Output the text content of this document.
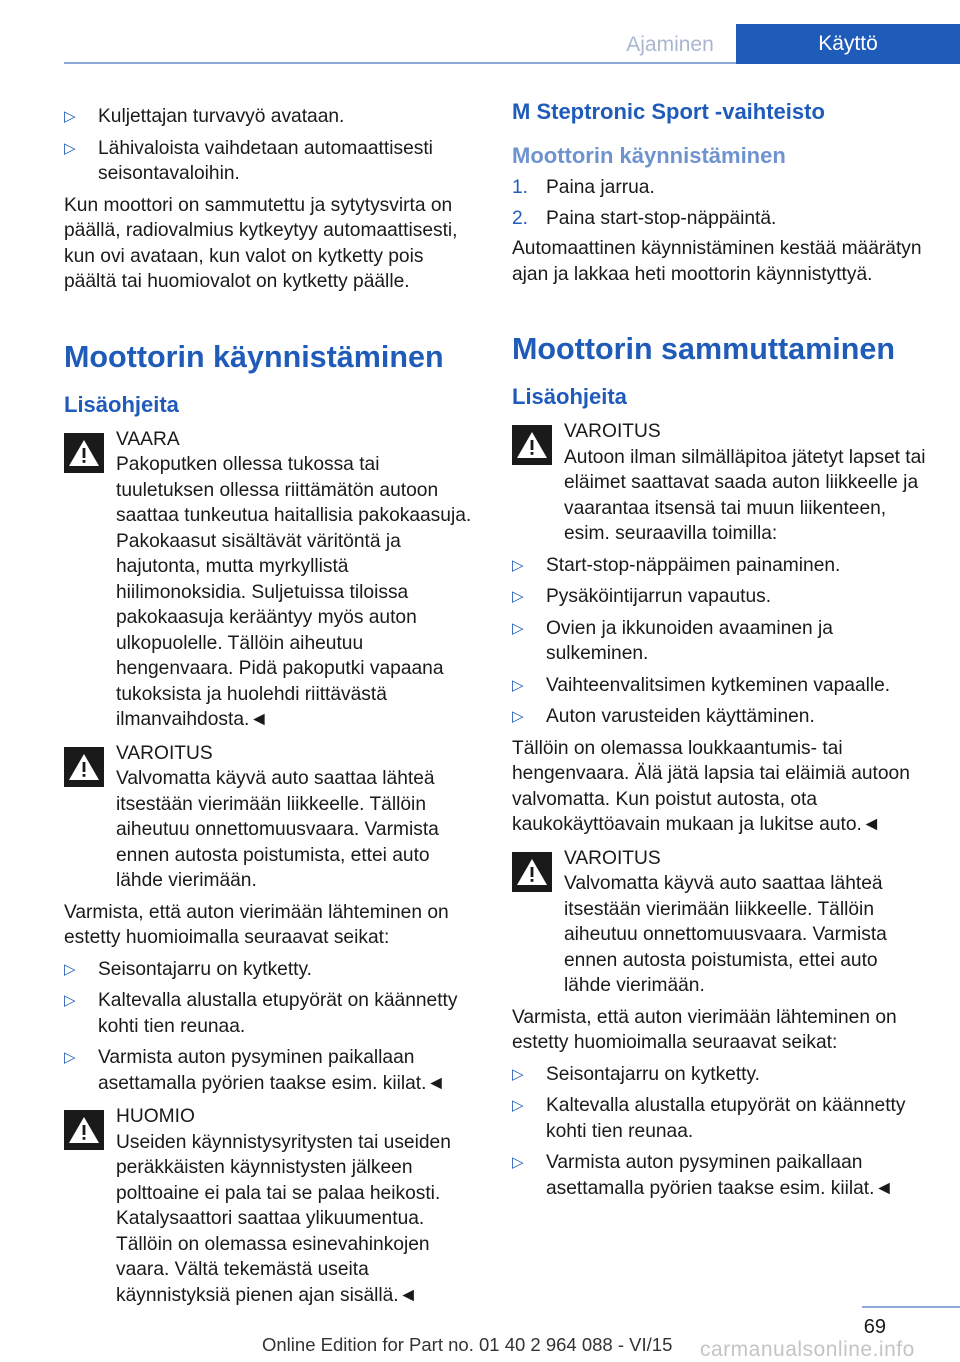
Ajaminen	Käyttö
▷ Kuljettajan turvavyö avataan.
▷ Lähivaloista vaihdetaan automaattisesti seisontavaloihin.

Kun moottori on sammutettu ja sytytysvirta on päällä, radiovalmius kytkeytyy automaattisesti, kun ovi avataan, kun valot on kytketty pois päältä tai huomiovalot on kytketty päälle.

Moottorin käynnistäminen
Lisäohjeita

VAARA

Pakoputken ollessa tukossa tai tuuletuksen ollessa riittämätön autoon saattaa tunkeutua haitallisia pakokaasuja. Pakokaasut sisältävät väritöntä ja hajutonta, mutta myrkyllistä hiilimonoksidia. Suljetuissa tiloissa pakokaasuja kerääntyy myös auton ulkopuolelle. Tällöin aiheutuu hengenvaara. Pidä pakoputki vapaana tukoksista ja huolehdi riittävästä ilmanvaihdosta.◄

VAROITUS

Valvomatta käyvä auto saattaa lähteä itsestään vierimään liikkeelle. Tällöin aiheutuu onnettomuusvaara. Varmista ennen autosta poistumista, ettei auto lähde vierimään.

Varmista, että auton vierimään lähteminen on estetty huomioimalla seuraavat seikat:

▷ Seisontajarru on kytketty.
▷ Kaltevalla alustalla etupyörät on käännetty kohti tien reunaa.
▷ Varmista auton pysyminen paikallaan asettamalla pyörien taakse esim. kiilat.◄

HUOMIO

Useiden käynnistysyritysten tai useiden peräkkäisten käynnistysten jälkeen polttoaine ei pala tai se palaa heikosti. Katalysaattori saattaa ylikuumentua. Tällöin on olemassa esinevahinkojen vaara. Vältä tekemästä useita käynnistyksiä pienen ajan sisällä.◄

M Steptronic Sport -vaihteisto
Moottorin käynnistäminen
1. Paina jarrua.
2. Paina start-stop-näppäintä.

Automaattinen käynnistäminen kestää määrätyn ajan ja lakkaa heti moottorin käynnistyttyä.

Moottorin sammuttaminen
Lisäohjeita

VAROITUS

Autoon ilman silmälläpitoa jätetyt lapset tai eläimet saattavat saada auton liikkeelle ja vaarantaa itsensä tai muun liikenteen, esim. seuraavilla toimilla:

▷ Start-stop-näppäimen painaminen.
▷ Pysäköintijarrun vapautus.
▷ Ovien ja ikkunoiden avaaminen ja sulkeminen.
▷ Vaihteenvalitsimen kytkeminen vapaalle.
▷ Auton varusteiden käyttäminen.

Tällöin on olemassa loukkaantumis- tai hengenvaara. Älä jätä lapsia tai eläimiä autoon valvomatta. Kun poistut autosta, ota kaukokäyttöavain mukaan ja lukitse auto.◄

VAROITUS

Valvomatta käyvä auto saattaa lähteä itsestään vierimään liikkeelle. Tällöin aiheutuu onnettomuusvaara. Varmista ennen autosta poistumista, ettei auto lähde vierimään.

Varmista, että auton vierimään lähteminen on estetty huomioimalla seuraavat seikat:

▷ Seisontajarru on kytketty.
▷ Kaltevalla alustalla etupyörät on käännetty kohti tien reunaa.
▷ Varmista auton pysyminen paikallaan asettamalla pyörien taakse esim. kiilat.◄
69
Online Edition for Part no. 01 40 2 964 088 - VI/15 carmanualsonline.info
